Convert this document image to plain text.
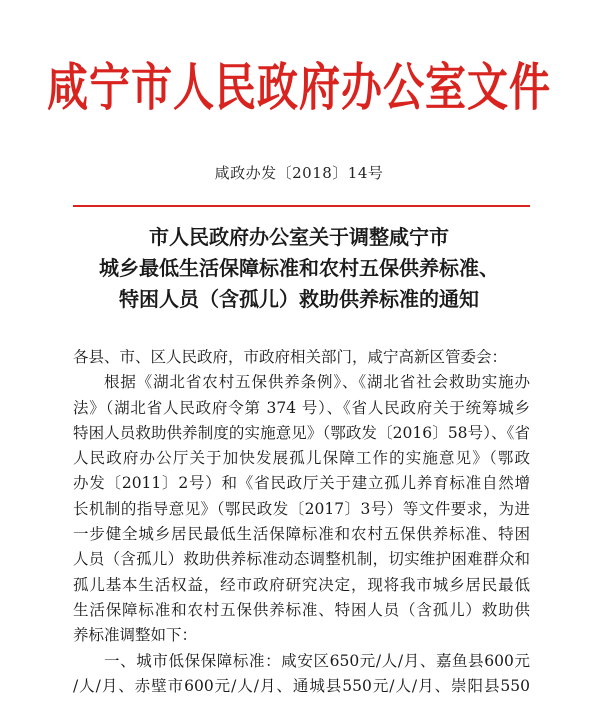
咸宁市人民政府办公室文件
咸政办发〔2018〕14号
市人民政府办公室关于调整咸宁市
城乡最低生活保障标准和农村五保供养标准、
特困人员（含孤儿）救助供养标准的通知
各县、市、区人民政府，市政府相关部门，咸宁高新区管委会：
根据《湖北省农村五保供养条例》、《湖北省社会救助实施办
法》（湖北省人民政府令第 374 号）、《省人民政府关于统筹城乡
特困人员救助供养制度的实施意见》（鄂政发〔2016〕58号）、《省
人民政府办公厅关于加快发展孤儿保障工作的实施意见》（鄂政
办发〔2011〕2号）和《省民政厅关于建立孤儿养育标准自然增
长机制的指导意见》（鄂民政发〔2017〕3号）等文件要求，为进
一步健全城乡居民最低生活保障标准和农村五保供养标准、特困
人员（含孤儿）救助供养标准动态调整机制，切实维护困难群众和
孤儿基本生活权益，经市政府研究决定，现将我市城乡居民最低
生活保障标准和农村五保供养标准、特困人员（含孤儿）救助供
养标准调整如下：
一、城市低保保障标准：咸安区650元/人/月、嘉鱼县600元
/人/月、赤壁市600元/人/月、通城县550元/人/月、崇阳县550
